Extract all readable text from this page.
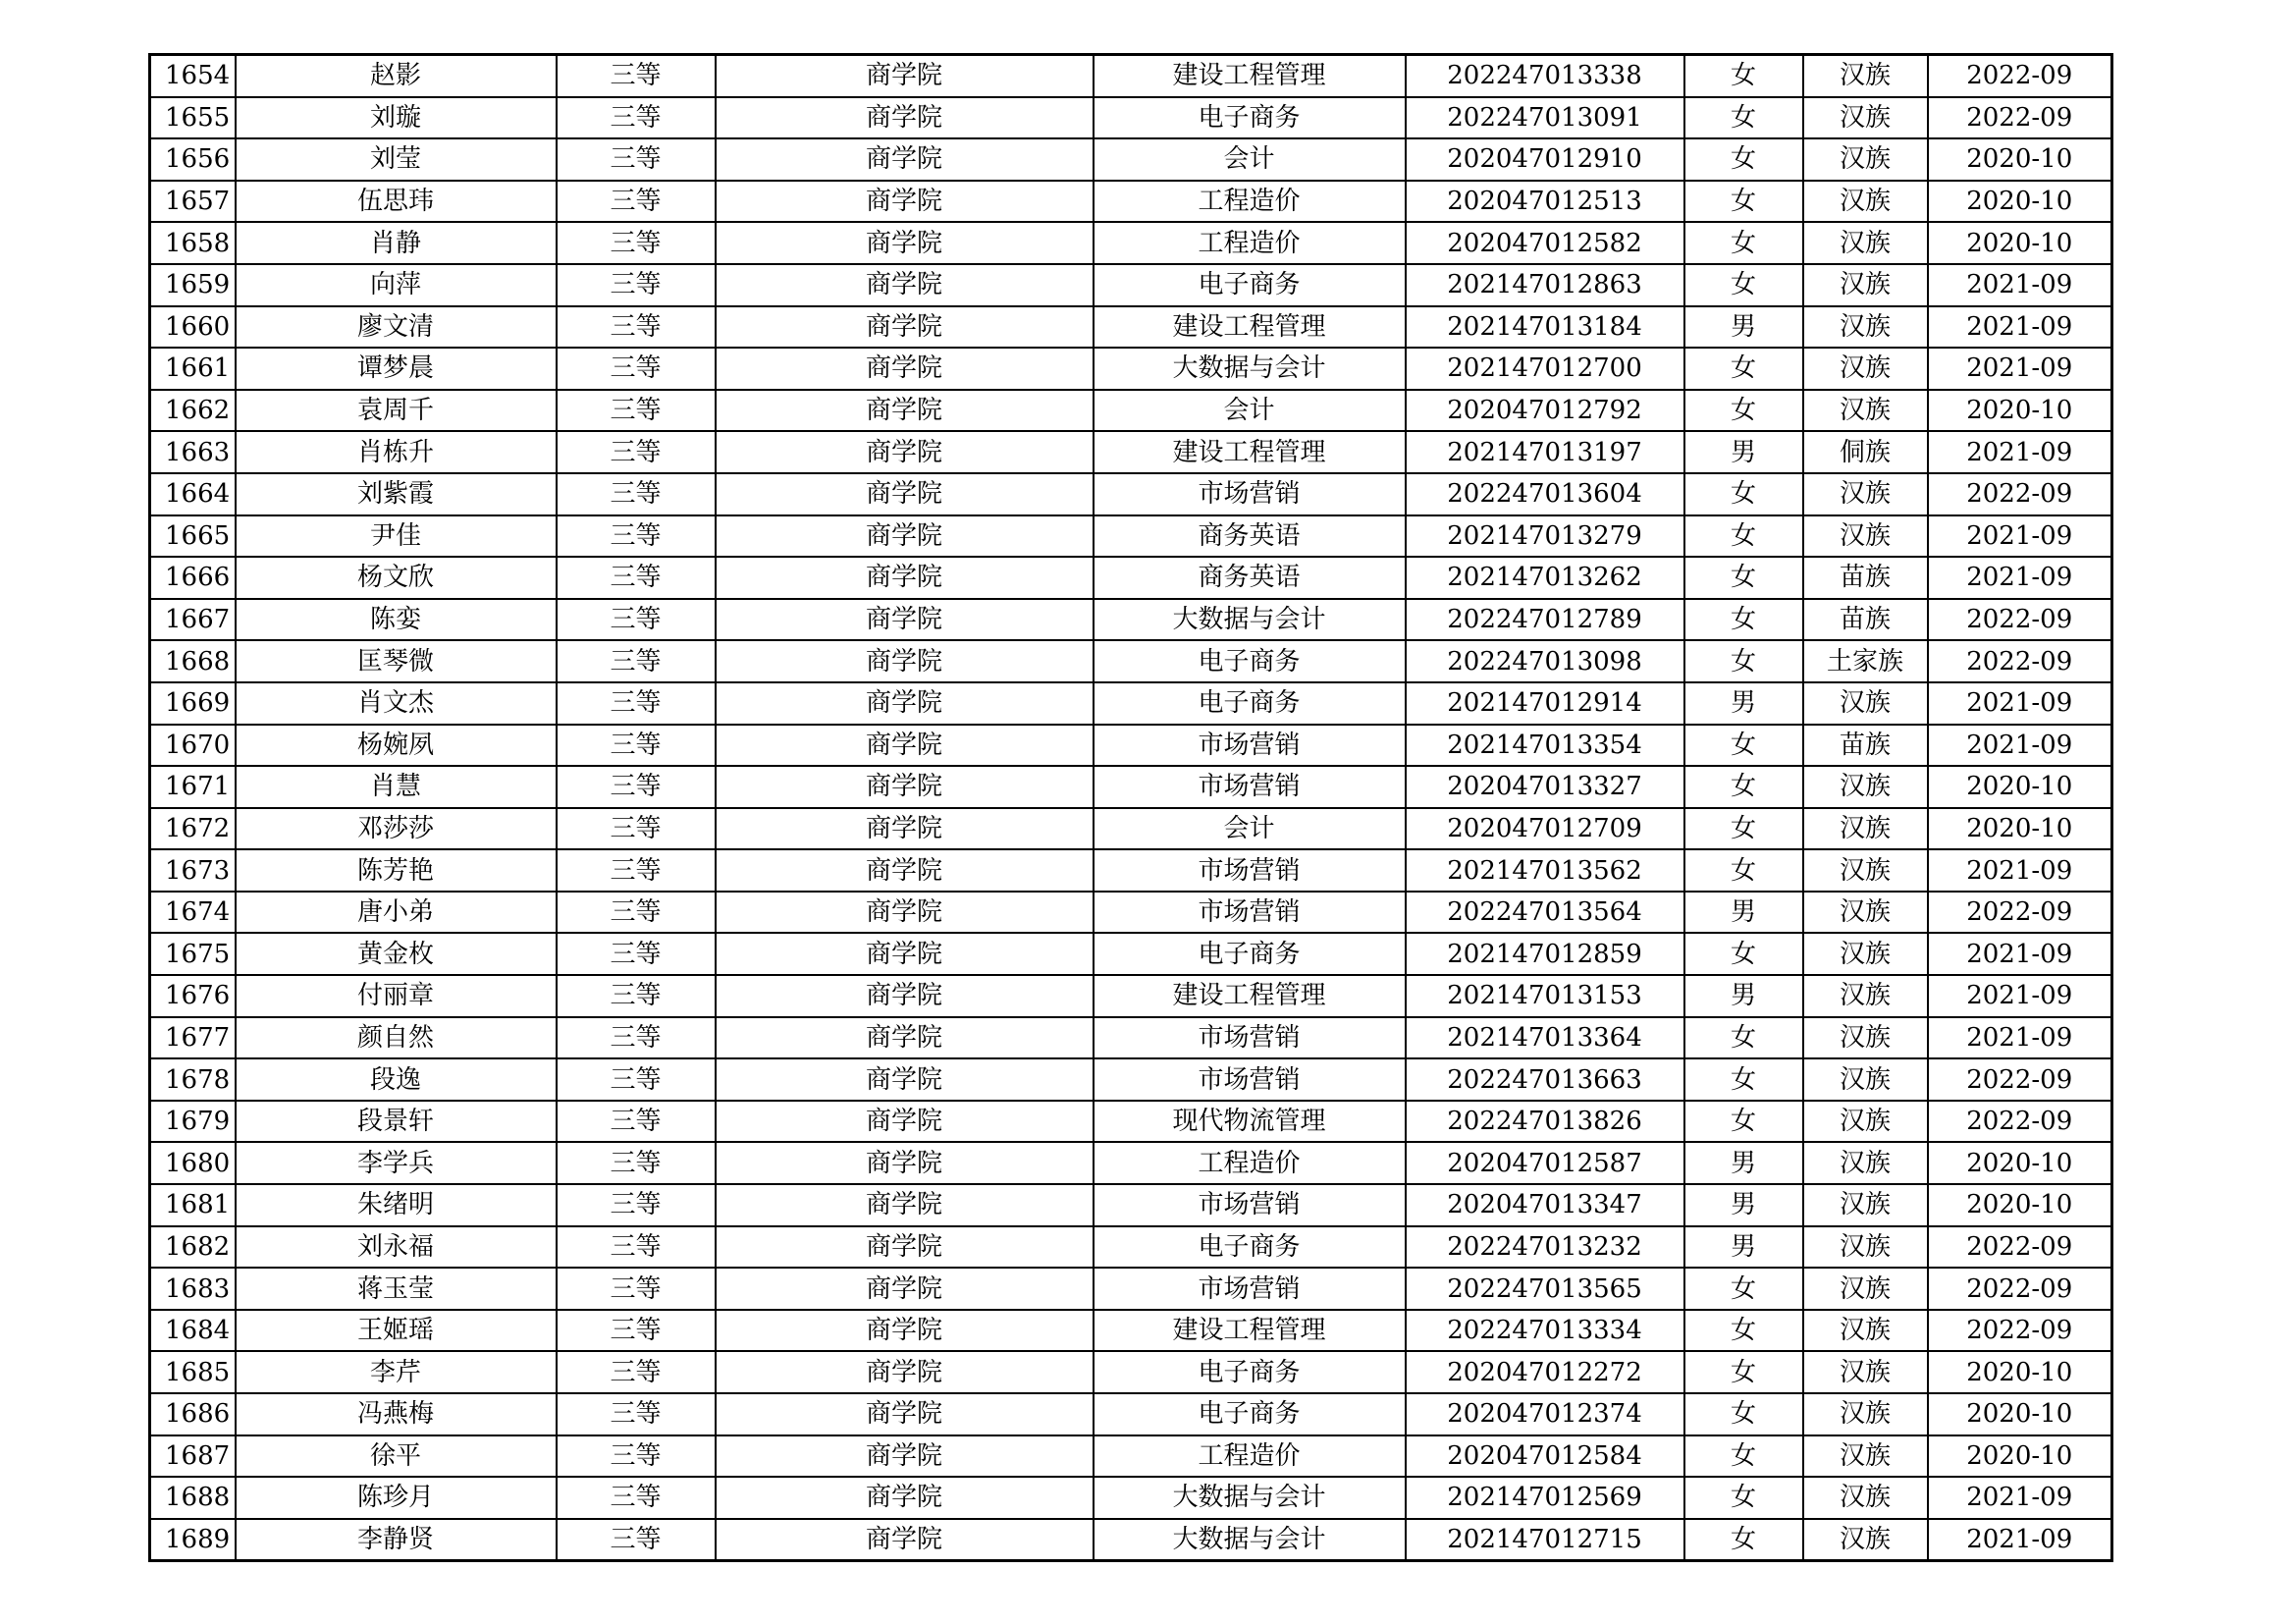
1654	赵影	三等	商学院	建设工程管理	202247013338	女	汉族	2022-09
1655	刘璇	三等	商学院	电子商务	202247013091	女	汉族	2022-09
1656	刘莹	三等	商学院	会计	202047012910	女	汉族	2020-10
1657	伍思玮	三等	商学院	工程造价	202047012513	女	汉族	2020-10
1658	肖静	三等	商学院	工程造价	202047012582	女	汉族	2020-10
1659	向萍	三等	商学院	电子商务	202147012863	女	汉族	2021-09
1660	廖文清	三等	商学院	建设工程管理	202147013184	男	汉族	2021-09
1661	谭梦晨	三等	商学院	大数据与会计	202147012700	女	汉族	2021-09
1662	袁周千	三等	商学院	会计	202047012792	女	汉族	2020-10
1663	肖栋升	三等	商学院	建设工程管理	202147013197	男	侗族	2021-09
1664	刘紫霞	三等	商学院	市场营销	202247013604	女	汉族	2022-09
1665	尹佳	三等	商学院	商务英语	202147013279	女	汉族	2021-09
1666	杨文欣	三等	商学院	商务英语	202147013262	女	苗族	2021-09
1667	陈娈	三等	商学院	大数据与会计	202247012789	女	苗族	2022-09
1668	匡琴微	三等	商学院	电子商务	202247013098	女	土家族	2022-09
1669	肖文杰	三等	商学院	电子商务	202147012914	男	汉族	2021-09
1670	杨婉夙	三等	商学院	市场营销	202147013354	女	苗族	2021-09
1671	肖慧	三等	商学院	市场营销	202047013327	女	汉族	2020-10
1672	邓莎莎	三等	商学院	会计	202047012709	女	汉族	2020-10
1673	陈芳艳	三等	商学院	市场营销	202147013562	女	汉族	2021-09
1674	唐小弟	三等	商学院	市场营销	202247013564	男	汉族	2022-09
1675	黄金枚	三等	商学院	电子商务	202147012859	女	汉族	2021-09
1676	付丽章	三等	商学院	建设工程管理	202147013153	男	汉族	2021-09
1677	颜自然	三等	商学院	市场营销	202147013364	女	汉族	2021-09
1678	段逸	三等	商学院	市场营销	202247013663	女	汉族	2022-09
1679	段景轩	三等	商学院	现代物流管理	202247013826	女	汉族	2022-09
1680	李学兵	三等	商学院	工程造价	202047012587	男	汉族	2020-10
1681	朱绪明	三等	商学院	市场营销	202047013347	男	汉族	2020-10
1682	刘永福	三等	商学院	电子商务	202247013232	男	汉族	2022-09
1683	蒋玉莹	三等	商学院	市场营销	202247013565	女	汉族	2022-09
1684	王姬瑶	三等	商学院	建设工程管理	202247013334	女	汉族	2022-09
1685	李芹	三等	商学院	电子商务	202047012272	女	汉族	2020-10
1686	冯燕梅	三等	商学院	电子商务	202047012374	女	汉族	2020-10
1687	徐平	三等	商学院	工程造价	202047012584	女	汉族	2020-10
1688	陈珍月	三等	商学院	大数据与会计	202147012569	女	汉族	2021-09
1689	李静贤	三等	商学院	大数据与会计	202147012715	女	汉族	2021-09
